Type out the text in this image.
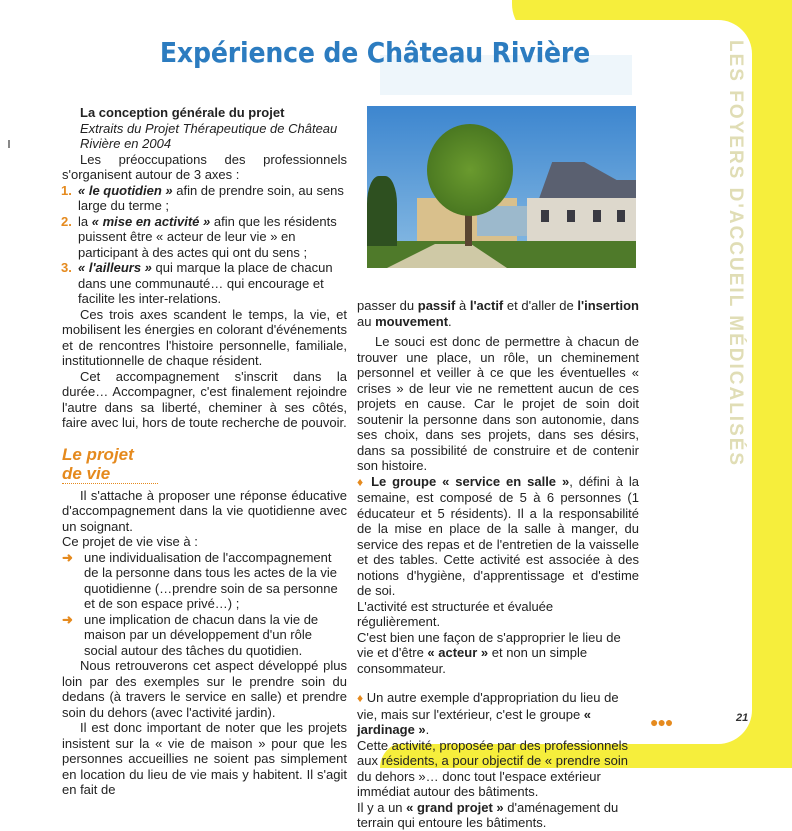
LES FOYERS D'ACCUEIL MÉDICALISÉS
Expérience de Château Rivière

La conception générale du projet

Extraits du Projet Thérapeutique de Château Rivière en 2004

Les préoccupations des professionnels s'organisent autour de 3 axes :

1. « le quotidien » afin de prendre soin, au sens large du terme ;
2. la « mise en activité » afin que les résidents puissent être « acteur de leur vie » en participant à des actes qui ont du sens ;
3. « l'ailleurs » qui marque la place de chacun dans une communauté… qui encourage et facilite les inter-relations.

Ces trois axes scandent le temps, la vie, et mobilisent les énergies en colorant d'événements et de rencontres l'histoire personnelle, familiale, institutionnelle de chaque résident.

Cet accompagnement s'inscrit dans la durée… Accompagner, c'est finalement rejoindre l'autre dans sa liberté, cheminer à ses côtés, faire avec lui, hors de toute recherche de pouvoir.

Le projet de vie

Il s'attache à proposer une réponse éducative d'accompagnement dans la vie quotidienne avec un soignant.

Ce projet de vie vise à :

➜ une individualisation de l'accompagnement de la personne dans tous les actes de la vie quotidienne (…prendre soin de sa personne et de son espace privé…) ;
➜ une implication de chacun dans la vie de maison par un développement d'un rôle social autour des tâches du quotidien.

Nous retrouverons cet aspect développé plus loin par des exemples sur le prendre soin du dedans (à travers le service en salle) et prendre soin du dehors (avec l'activité jardin).

Il est donc important de noter que les projets insistent sur la « vie de maison » pour que les personnes accueillies ne soient pas simplement en location du lieu de vie mais y habitent. Il s'agit en fait de

passer du passif à l'actif et d'aller de l'insertion au mouvement.

Le souci est donc de permettre à chacun de trouver une place, un rôle, un cheminement personnel et veiller à ce que les éventuelles « crises » de leur vie ne remettent aucun de ces projets en cause. Car le projet de soin doit soutenir la personne dans son autonomie, dans ses choix, dans ses projets, dans ses désirs, dans sa possibilité de construire et de contenir son histoire.

♦ Le groupe « service en salle », défini à la semaine, est composé de 5 à 6 personnes (1 éducateur et 5 résidents). Il a la responsabilité de la mise en place de la salle à manger, du service des repas et de l'entretien de la vaisselle et des tables. Cette activité est associée à des notions d'hygiène, d'apprentissage et d'estime de soi.

L'activité est structurée et évaluée régulièrement.

C'est bien une façon de s'approprier le lieu de vie et d'être « acteur » et non un simple consommateur.

♦ Un autre exemple d'appropriation du lieu de vie, mais sur l'extérieur, c'est le groupe « jardinage ».

Cette activité, proposée par des professionnels aux résidents, a pour objectif de « prendre soin du dehors »… donc tout l'espace extérieur immédiat autour des bâtiments.

Il y a un « grand projet » d'aménagement du terrain qui entoure les bâtiments.

●●●	21
